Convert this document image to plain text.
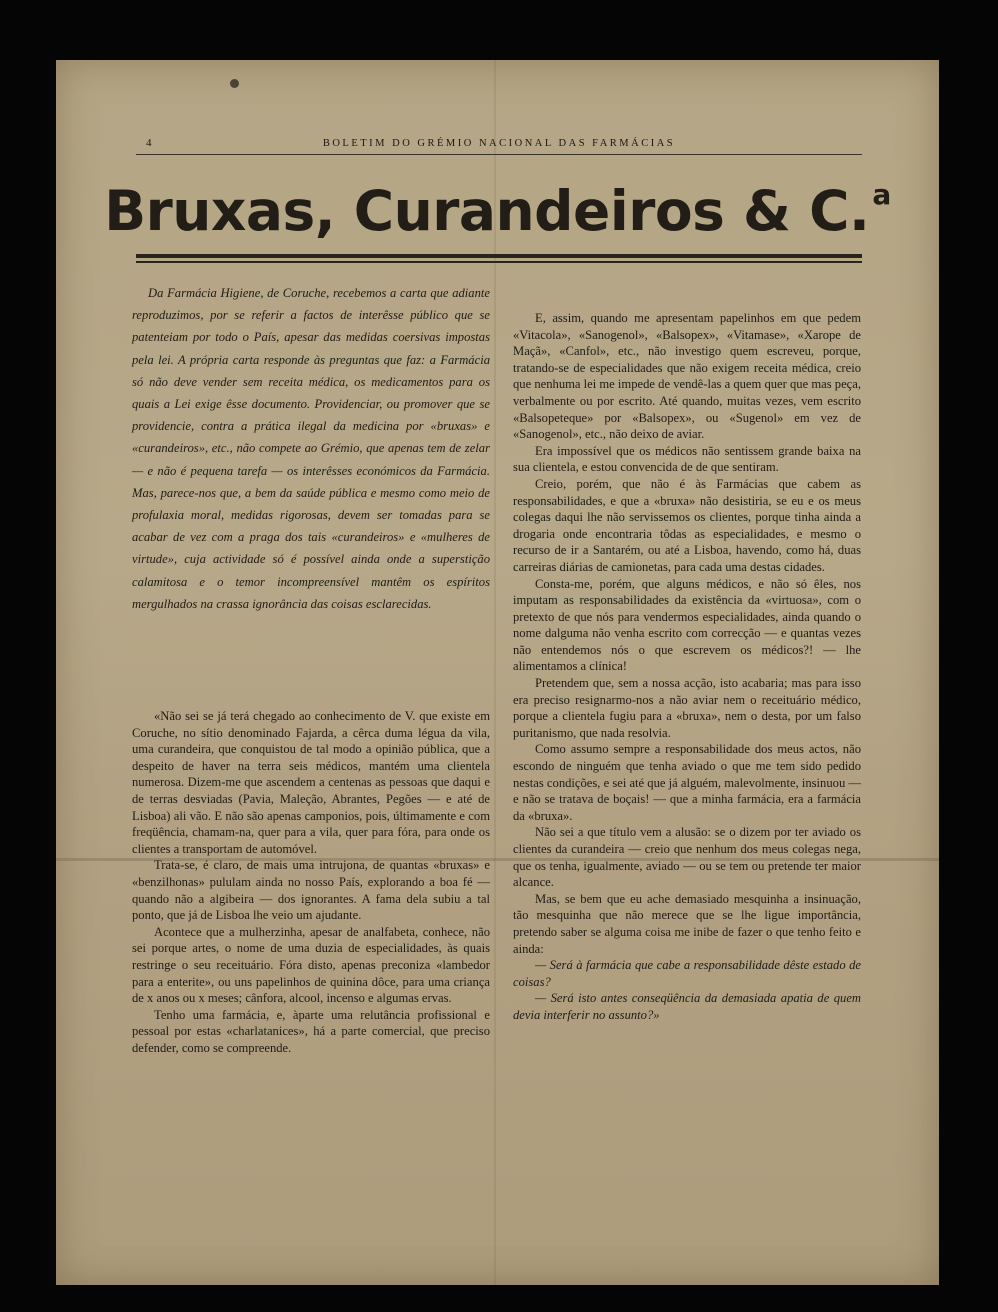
4	BOLETIM DO GRÉMIO NACIONAL DAS FARMÁCIAS
Bruxas, Curandeiros & C. $^a$

Da Farmácia Higiene, de Coruche, recebemos a carta que adiante reproduzimos, por se referir a factos de interêsse público que se patenteiam por todo o País, apesar das medidas coersivas impostas pela lei. A própria carta responde às preguntas que faz: a Farmácia só não deve vender sem receita médica, os medicamentos para os quais a Lei exige êsse documento. Providenciar, ou promover que se providencie, contra a prática ilegal da medicina por «bruxas» e «curandeiros», etc., não compete ao Grémio, que apenas tem de zelar — e não é pequena tarefa — os interêsses económicos da Farmácia. Mas, parece-nos que, a bem da saúde pública e mesmo como meio de profulaxia moral, medidas rigorosas, devem ser tomadas para se acabar de vez com a praga dos tais «curandeiros» e «mulheres de virtude», cuja actividade só é possível ainda onde a superstição calamitosa e o temor incompreensível mantêm os espíritos mergulhados na crassa ignorância das coisas esclarecidas.

«Não sei se já terá chegado ao conhecimento de V. que existe em Coruche, no sítio denominado Fajarda, a cêrca duma légua da vila, uma curandeira, que conquistou de tal modo a opinião pública, que a despeito de haver na terra seis médicos, mantém uma clientela numerosa. Dizem-me que ascendem a centenas as pessoas que daqui e de terras desviadas (Pavia, Maleção, Abrantes, Pegões — e até de Lisboa) ali vão. E não são apenas camponios, pois, últimamente e com freqüência, chamam-na, quer para a vila, quer para fóra, para onde os clientes a transportam de automóvel.

Trata-se, é claro, de mais uma intrujona, de quantas «bruxas» e «benzilhonas» pululam ainda no nosso País, explorando a boa fé — quando não a algibeira — dos ignorantes. A fama dela subiu a tal ponto, que já de Lisboa lhe veio um ajudante.

Acontece que a mulherzinha, apesar de analfabeta, conhece, não sei porque artes, o nome de uma duzia de especialidades, às quais restringe o seu receituário. Fóra disto, apenas preconiza «lambedor para a enterite», ou uns papelinhos de quinina dôce, para uma criança de x anos ou x meses; cânfora, alcool, incenso e algumas ervas.

Tenho uma farmácia, e, àparte uma relutância profissional e pessoal por estas «charlatanices», há a parte comercial, que preciso defender, como se compreende.

E, assim, quando me apresentam papelinhos em que pedem «Vitacola», «Sanogenol», «Balsopex», «Vitamase», «Xarope de Maçã», «Canfol», etc., não investigo quem escreveu, porque, tratando-se de especialidades que não exigem receita médica, creio que nenhuma lei me impede de vendê-las a quem quer que mas peça, verbalmente ou por escrito. Até quando, muitas vezes, vem escrito «Balsopeteque» por «Balsopex», ou «Sugenol» em vez de «Sanogenol», etc., não deixo de aviar.

Era impossível que os médicos não sentissem grande baixa na sua clientela, e estou convencida de de que sentiram.

Creio, porém, que não é às Farmácias que cabem as responsabilidades, e que a «bruxa» não desistiria, se eu e os meus colegas daqui lhe não servissemos os clientes, porque tinha ainda a drogaria onde encontraria tôdas as especialidades, e mesmo o recurso de ir a Santarém, ou até a Lisboa, havendo, como há, duas carreiras diárias de camionetas, para cada uma destas cidades.

Consta-me, porém, que alguns médicos, e não só êles, nos imputam as responsabilidades da existência da «virtuosa», com o pretexto de que nós para vendermos especialidades, ainda quando o nome dalguma não venha escrito com correcção — e quantas vezes não entendemos nós o que escrevem os médicos?! — lhe alimentamos a clínica!

Pretendem que, sem a nossa acção, isto acabaria; mas para isso era preciso resignarmo-nos a não aviar nem o receituário médico, porque a clientela fugiu para a «bruxa», nem o desta, por um falso puritanismo, que nada resolvia.

Como assumo sempre a responsabilidade dos meus actos, não escondo de ninguém que tenha aviado o que me tem sido pedido nestas condições, e sei até que já alguém, malevolmente, insinuou — e não se tratava de boçais! — que a minha farmácia, era a farmácia da «bruxa».

Não sei a que título vem a alusão: se o dizem por ter aviado os clientes da curandeira — creio que nenhum dos meus colegas nega, que os tenha, igualmente, aviado — ou se tem ou pretende ter maior alcance.

Mas, se bem que eu ache demasiado mesquinha a insinuação, tão mesquinha que não merece que se lhe ligue importância, pretendo saber se alguma coisa me inibe de fazer o que tenho feito e ainda:

— Será à farmácia que cabe a responsabilidade dêste estado de coisas?

— Será isto antes conseqüência da demasiada apatia de quem devia interferir no assunto?»
